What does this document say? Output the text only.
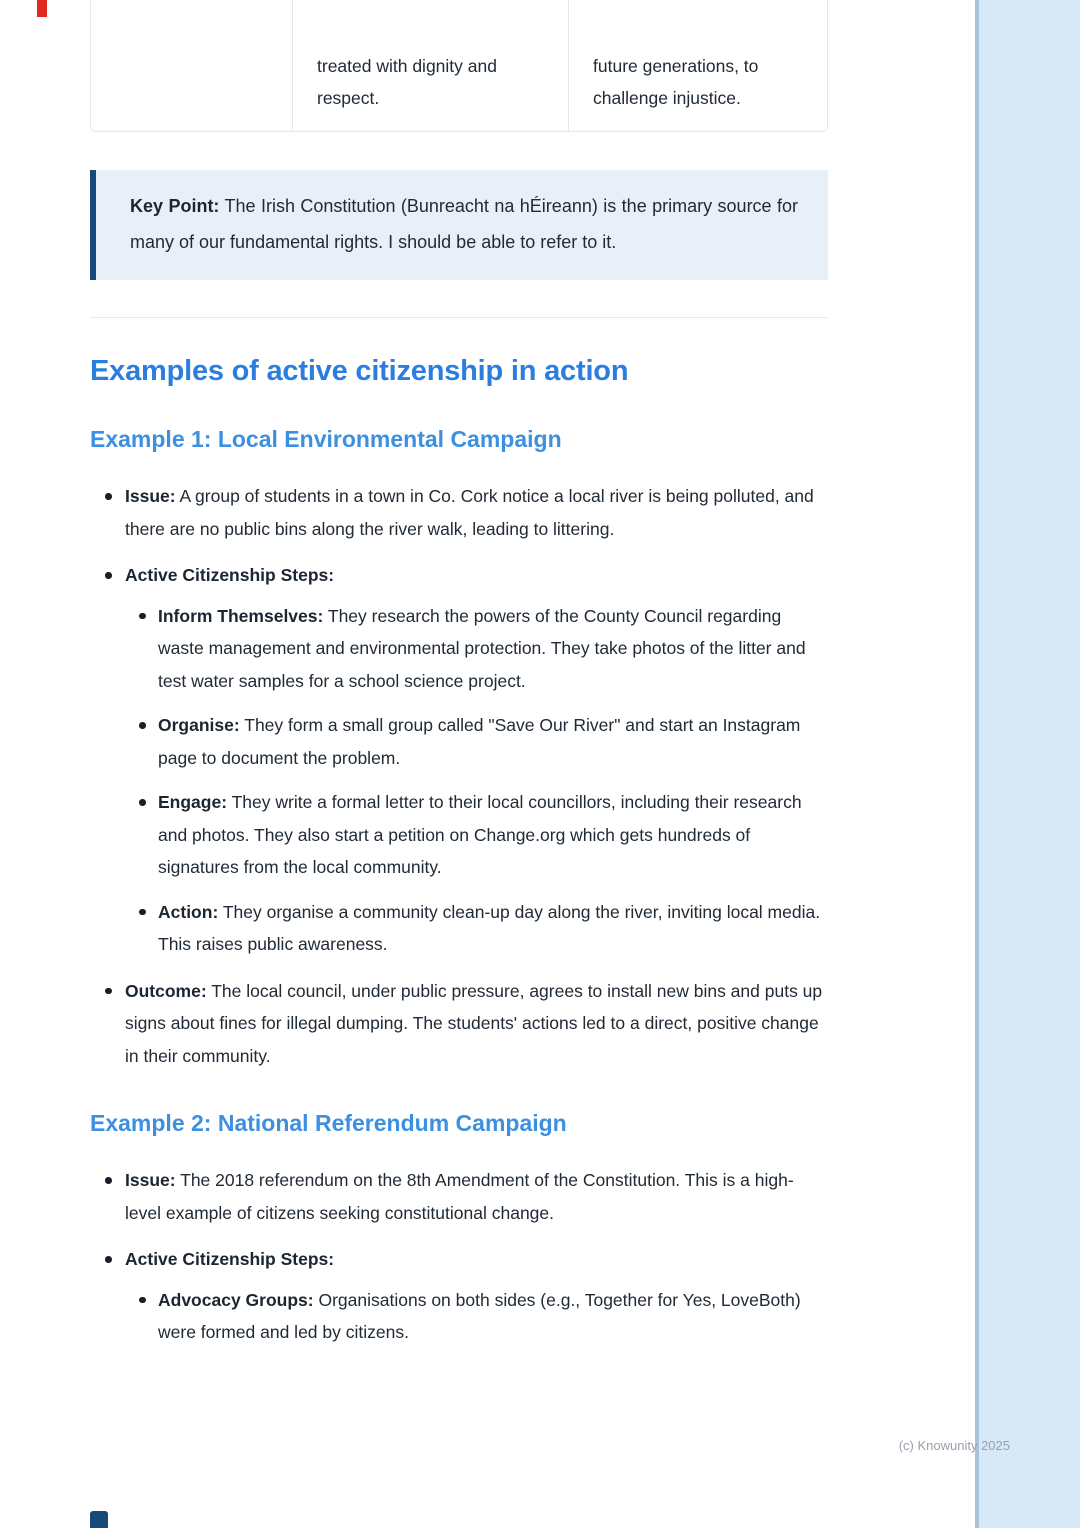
treated with dignity and respect.
future generations, to challenge injustice.
Key Point: The Irish Constitution (Bunreacht na hÉireann) is the primary source for many of our fundamental rights. I should be able to refer to it.
Examples of active citizenship in action
Example 1: Local Environmental Campaign
Issue: A group of students in a town in Co. Cork notice a local river is being polluted, and there are no public bins along the river walk, leading to littering.
Active Citizenship Steps:
Inform Themselves: They research the powers of the County Council regarding waste management and environmental protection. They take photos of the litter and test water samples for a school science project.
Organise: They form a small group called "Save Our River" and start an Instagram page to document the problem.
Engage: They write a formal letter to their local councillors, including their research and photos. They also start a petition on Change.org which gets hundreds of signatures from the local community.
Action: They organise a community clean-up day along the river, inviting local media. This raises public awareness.
Outcome: The local council, under public pressure, agrees to install new bins and puts up signs about fines for illegal dumping. The students' actions led to a direct, positive change in their community.
Example 2: National Referendum Campaign
Issue: The 2018 referendum on the 8th Amendment of the Constitution. This is a high-level example of citizens seeking constitutional change.
Active Citizenship Steps:
Advocacy Groups: Organisations on both sides (e.g., Together for Yes, LoveBoth) were formed and led by citizens.
(c) Knowunity 2025
